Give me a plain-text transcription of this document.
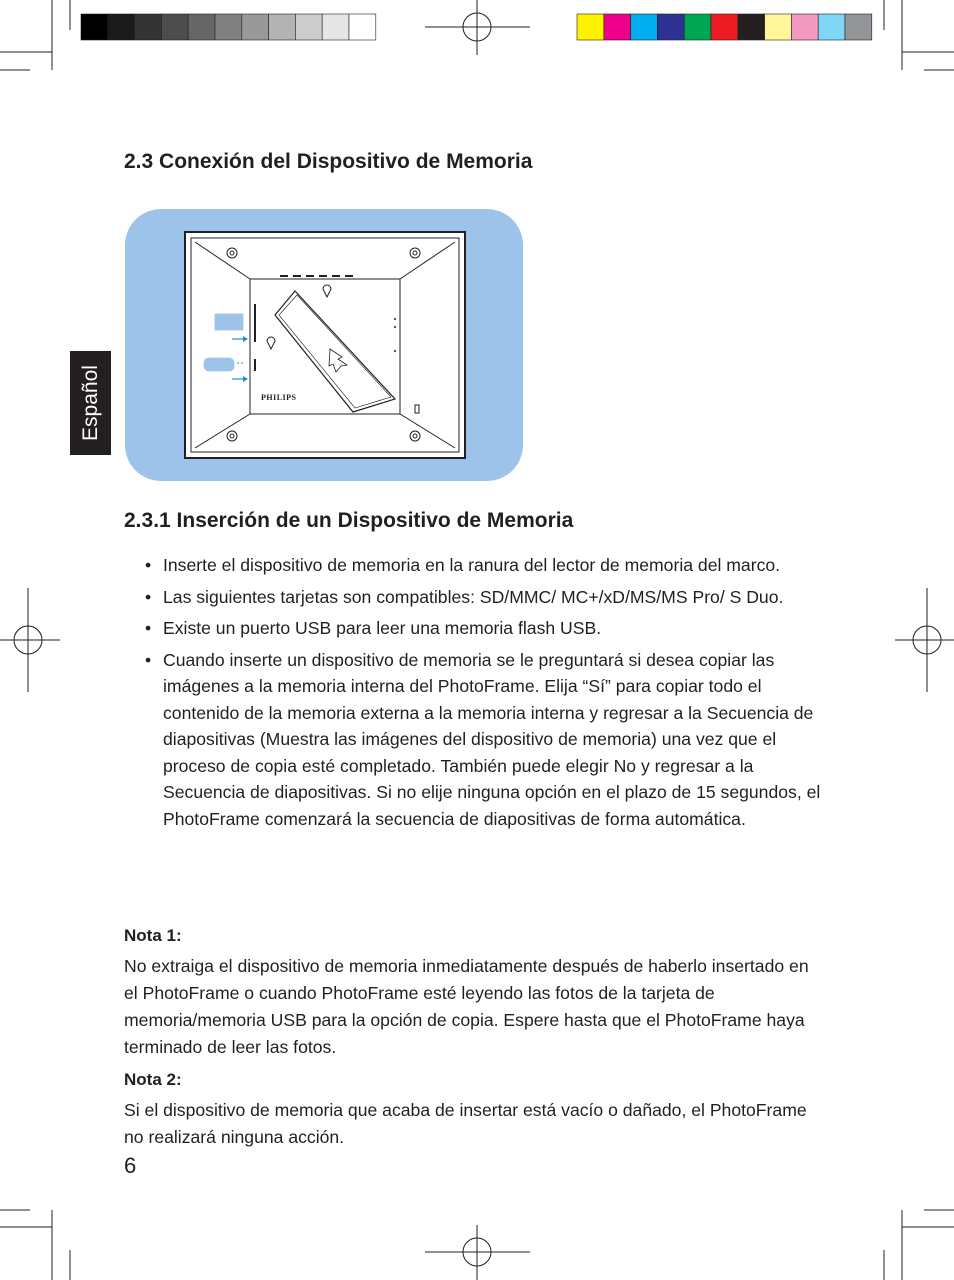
Español
2.3 Conexión del Dispositivo de Memoria
PHILIPS
2.3.1 Inserción de un Dispositivo de Memoria
• Inserte el dispositivo de memoria en la ranura del lector de memoria del marco.
• Las siguientes tarjetas son compatibles: SD/MMC/ MC+/xD/MS/MS Pro/ S Duo.
• Existe un puerto USB para leer una memoria flash USB.
• Cuando inserte un dispositivo de memoria se le preguntará si desea copiar las imágenes a la memoria interna del PhotoFrame. Elija “Sí” para copiar todo el contenido de la memoria externa a la memoria interna y regresar a la Secuencia de diapositivas (Muestra las imágenes del dispositivo de memoria) una vez que el proceso de copia esté completado. También puede elegir No y regresar a la Secuencia de diapositivas. Si no elije ninguna opción en el plazo de 15 segundos, el PhotoFrame comenzará la secuencia de diapositivas de forma automática.
Nota 1:
No extraiga el dispositivo de memoria inmediatamente después de haberlo insertado en el PhotoFrame o cuando PhotoFrame esté leyendo las fotos de la tarjeta de memoria/memoria USB para la opción de copia. Espere hasta que el PhotoFrame haya terminado de leer las fotos.
Nota 2:
Si el dispositivo de memoria que acaba de insertar está vacío o dañado, el PhotoFrame no realizará ninguna acción.
6
